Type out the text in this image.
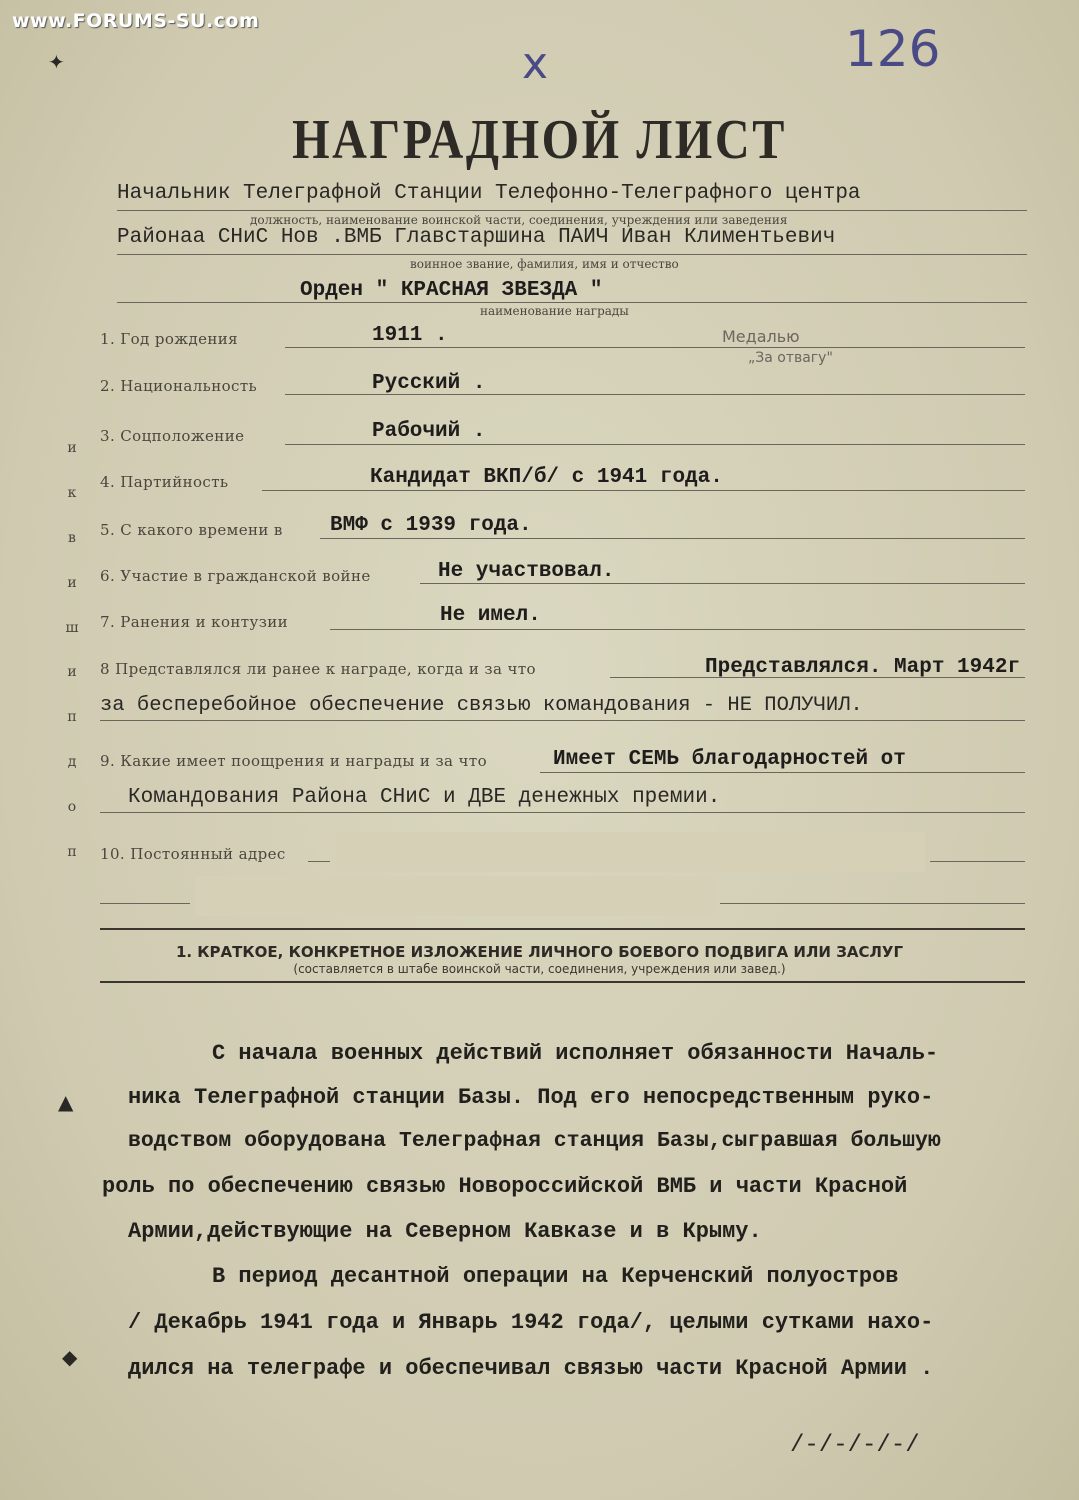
www.FORUMS-SU.com	126
х
✦
НАГРАДНОЙ ЛИСТ
Начальник Телеграфной Станции Телефонно-Телеграфного центра
должность, наименование воинской части, соединения, учреждения или заведения
Районаa СНиС Нов .ВМБ Главстаршина ПАИЧ Иван Климентьевич
воинное звание, фамилия, имя и отчество
Орден " КРАСНАЯ ЗВЕЗДА "
наименование награды
Медалью
„За отвагу"
и
к
в
и
ш
и
п
д
о
п
1. Год рождения	1911 .
2. Национальность	Русский .
3. Соцположение	Рабочий .
4. Партийность	Кандидат ВКП/б/ с 1941 года.
5. С какого времени в ВМФ с 1939 года.
6. Участие в гражданской войне	Не участвовал.
7. Ранения и контузии	Не имел.
8 Представлялся ли ранее к награде, когда и за что	Представлялся. Март 1942г
за бесперебойное обеспечение связью командования - НЕ ПОЛУЧИЛ.
9. Какие имеет поощрения и награды и за что	Имеет СЕМЬ благодарностей от
Командования Района СНиС и ДВЕ денежных премии.
10. Постоянный адрес
1. КРАТКОЕ, КОНКРЕТНОЕ ИЗЛОЖЕНИЕ ЛИЧНОГО БОЕВОГО ПОДВИГА ИЛИ ЗАСЛУГ
(составляется в штабе воинской части, соединения, учреждения или завед.)
С начала военных действий исполняет обязанности Началь-
ника Телеграфной станции Базы. Под его непосредственным руко-
водством оборудована Телеграфная станция Базы,сыгравшая большую
роль по обеспечению связью Новороссийской ВМБ и части Красной
Армии,действующие на Северном Кавказе и в Крыму.
В период десантной операции на Керченский полуостров
/ Декабрь 1941 года и Январь 1942 года/, целыми сутками нахо-
дился на телеграфе и обеспечивал связью части Красной Армии .
▲
◆
/-/-/-/-/
